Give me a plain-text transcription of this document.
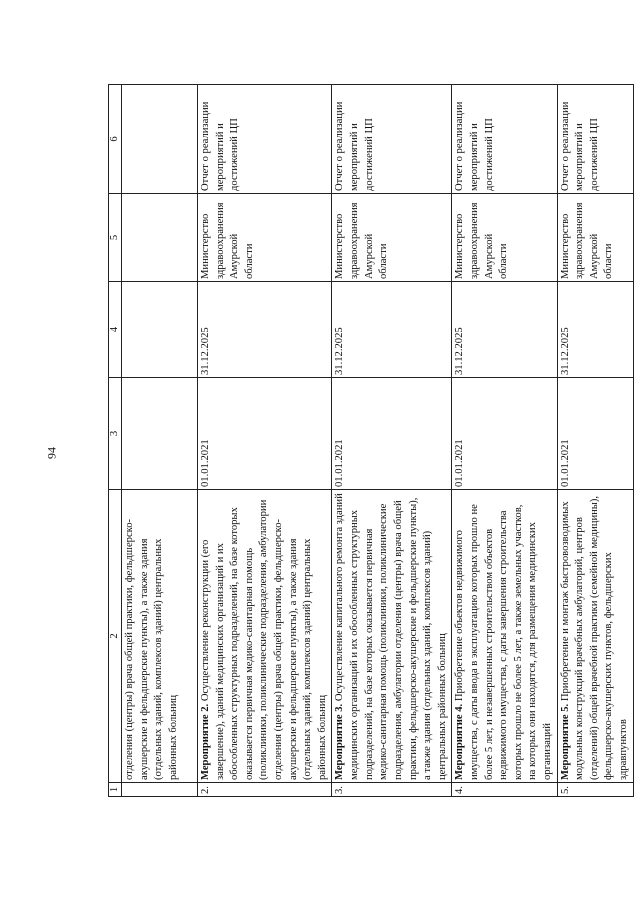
94
1	2	3	4	5	6
	отделения (центры) врача общей практики, фельдшерско-акушерские и фельдшерские пункты), а также здания (отдельных зданий, комплексов зданий) центральных районных больниц				
2.	Мероприятие 2. Осуществление реконструкции (его завершение), зданий медицинских организаций и их обособленных структурных подразделений, на базе которых оказывается первичная медико-санитарная помощь (поликлиники, поликлинические подразделения, амбулатории отделения (центры) врача общей практики, фельдшерско-акушерские и фельдшерские пункты), а также здания (отдельных зданий, комплексов зданий) центральных районных больниц	01.01.2021	31.12.2025	Министерство здравоохранения Амурской области	Отчет о реализации мероприятий и достижений ЦП
3.	Мероприятие 3. Осуществление капитального ремонта зданий медицинских организаций и их обособленных структурных подразделений, на базе которых оказывается первичная медико-санитарная помощь (поликлиники, поликлинические подразделения, амбулатории отделения (центры) врача общей практики, фельдшерско-акушерские и фельдшерские пункты), а также здания (отдельных зданий, комплексов зданий) центральных районных больниц	01.01.2021	31.12.2025	Министерство здравоохранения Амурской области	Отчет о реализации мероприятий и достижений ЦП
4.	Мероприятие 4. Приобретение объектов недвижимого имущества, с даты ввода в эксплуатацию которых прошло не более 5 лет, и незавершенных строительством объектов недвижимого имущества, с даты завершения строительства которых прошло не более 5 лет, а также земельных участков, на которых они находятся, для размещения медицинских организаций	01.01.2021	31.12.2025	Министерство здравоохранения Амурской области	Отчет о реализации мероприятий и достижений ЦП
5.	Мероприятие 5. Приобретение и монтаж быстровозводимых модульных конструкций врачебных амбулаторий, центров (отделений) общей врачебной практики (семейной медицины), фельдшерско-акушерских пунктов, фельдшерских здравпунктов	01.01.2021	31.12.2025	Министерство здравоохранения Амурской области	Отчет о реализации мероприятий и достижений ЦП
